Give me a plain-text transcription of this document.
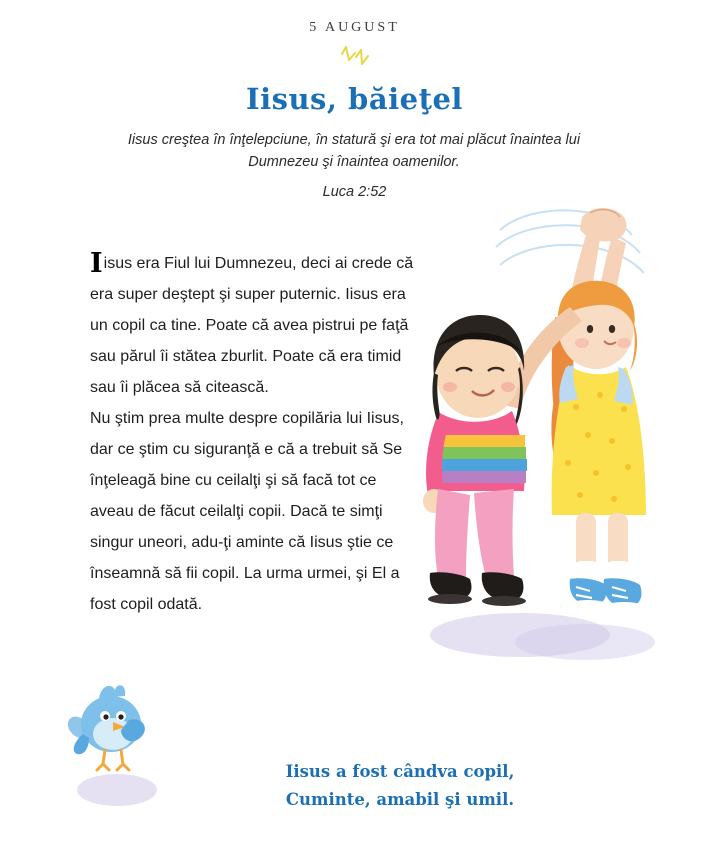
5 AUGUST
Iisus, băieţel
Iisus creştea în înţelepciune, în statură şi era tot mai plăcut înaintea lui Dumnezeu şi înaintea oamenilor.
Luca 2:52

Iisus era Fiul lui Dumnezeu, deci ai crede că era super deştept şi super puternic. Iisus era un copil ca tine. Poate că avea pistrui pe faţă sau părul îi stătea zburlit. Poate că era timid sau îi plăcea să citească.

Nu ştim prea multe despre copilăria lui Iisus, dar ce ştim cu siguranţă e că a trebuit să Se înţeleagă bine cu ceilalţi şi să facă tot ce aveau de făcut ceilalţi copii. Dacă te simţi singur uneori, adu-ţi aminte că Iisus ştie ce înseamnă să fii copil. La urma urmei, şi El a fost copil odată.

Iisus a fost cândva copil,
Cuminte, amabil şi umil.
